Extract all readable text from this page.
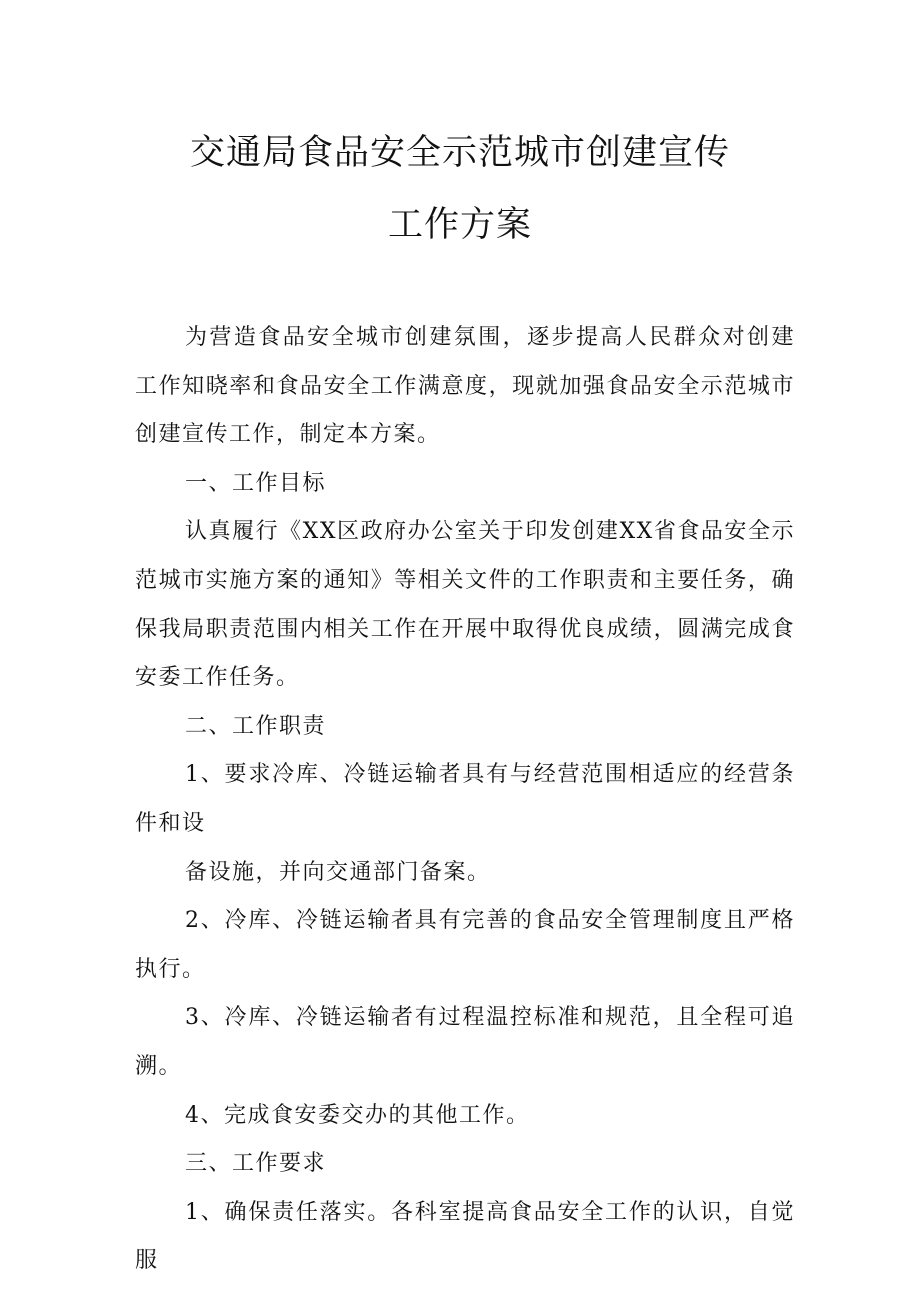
交通局食品安全示范城市创建宣传
工作方案

为营造食品安全城市创建氛围，逐步提高人民群众对创建工作知晓率和食品安全工作满意度，现就加强食品安全示范城市创建宣传工作，制定本方案。

一、工作目标

认真履行《XX区政府办公室关于印发创建XX省食品安全示范城市实施方案的通知》等相关文件的工作职责和主要任务，确保我局职责范围内相关工作在开展中取得优良成绩，圆满完成食安委工作任务。

二、工作职责

1、要求冷库、冷链运输者具有与经营范围相适应的经营条件和设

备设施，并向交通部门备案。

2、冷库、冷链运输者具有完善的食品安全管理制度且严格执行。

3、冷库、冷链运输者有过程温控标准和规范，且全程可追溯。

4、完成食安委交办的其他工作。

三、工作要求

1、确保责任落实。各科室提高食品安全工作的认识，自觉服
